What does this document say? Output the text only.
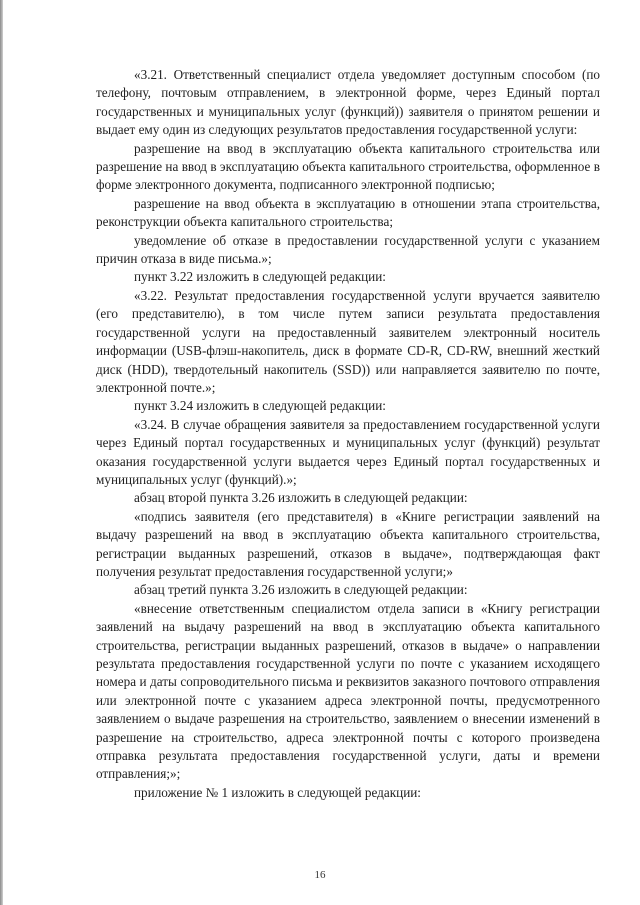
«3.21. Ответственный специалист отдела уведомляет доступным способом (по телефону, почтовым отправлением, в электронной форме, через Единый портал государственных и муниципальных услуг (функций)) заявителя о принятом решении и выдает ему один из следующих результатов предоставления государственной услуги:

разрешение на ввод в эксплуатацию объекта капитального строительства или разрешение на ввод в эксплуатацию объекта капитального строительства, оформленное в форме электронного документа, подписанного электронной подписью;

разрешение на ввод объекта в эксплуатацию в отношении этапа строительства, реконструкции объекта капитального строительства;

уведомление об отказе в предоставлении государственной услуги с указанием причин отказа в виде письма.»;

пункт 3.22 изложить в следующей редакции:

«3.22. Результат предоставления государственной услуги вручается заявителю (его представителю), в том числе путем записи результата предоставления государственной услуги на предоставленный заявителем электронный носитель информации (USB-флэш-накопитель, диск в формате CD-R, CD-RW, внешний жесткий диск (HDD), твердотельный накопитель (SSD)) или направляется заявителю по почте, электронной почте.»;

пункт 3.24 изложить в следующей редакции:

«3.24. В случае обращения заявителя за предоставлением государственной услуги через Единый портал государственных и муниципальных услуг (функций) результат оказания государственной услуги выдается через Единый портал государственных и муниципальных услуг (функций).»;

абзац второй пункта 3.26 изложить в следующей редакции:

«подпись заявителя (его представителя) в «Книге регистрации заявлений на выдачу разрешений на ввод в эксплуатацию объекта капитального строительства, регистрации выданных разрешений, отказов в выдаче», подтверждающая факт получения результат предоставления государственной услуги;»

абзац третий пункта 3.26 изложить в следующей редакции:

«внесение ответственным специалистом отдела записи в «Книгу регистрации заявлений на выдачу разрешений на ввод в эксплуатацию объекта капитального строительства, регистрации выданных разрешений, отказов в выдаче» о направлении результата предоставления государственной услуги по почте с указанием исходящего номера и даты сопроводительного письма и реквизитов заказного почтового отправления или электронной почте с указанием адреса электронной почты, предусмотренного заявлением о выдаче разрешения на строительство, заявлением о внесении изменений в разрешение на строительство, адреса электронной почты с которого произведена отправка результата предоставления государственной услуги, даты и времени отправления;»;

приложение № 1 изложить в следующей редакции:

16
